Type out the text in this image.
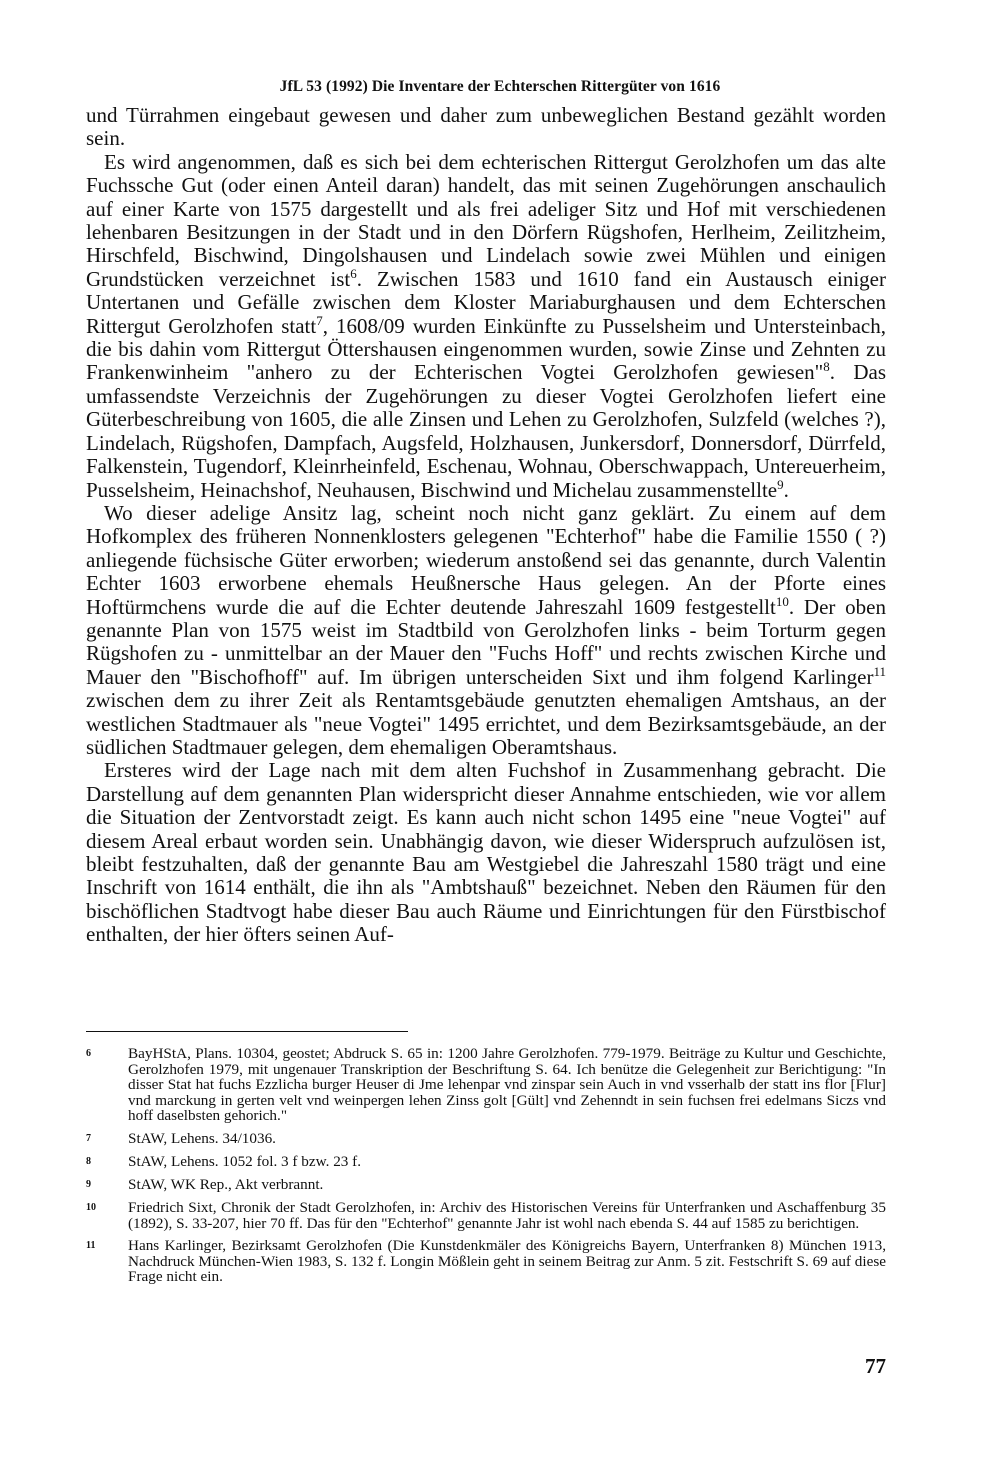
JfL 53 (1992) Die Inventare der Echterschen Rittergüter von 1616

und Türrahmen eingebaut gewesen und daher zum unbeweglichen Bestand gezählt worden sein.

Es wird angenommen, daß es sich bei dem echterischen Rittergut Gerolzhofen um das alte Fuchssche Gut (oder einen Anteil daran) handelt, das mit seinen Zugehörungen anschaulich auf einer Karte von 1575 dargestellt und als frei adeliger Sitz und Hof mit verschiedenen lehenbaren Besitzungen in der Stadt und in den Dörfern Rügshofen, Herlheim, Zeilitzheim, Hirschfeld, Bischwind, Dingolshausen und Lindelach sowie zwei Mühlen und einigen Grundstücken verzeichnet ist$^6$. Zwischen 1583 und 1610 fand ein Austausch einiger Untertanen und Gefälle zwischen dem Kloster Mariaburghausen und dem Echterschen Rittergut Gerolzhofen statt$^7$, 1608/09 wurden Einkünfte zu Pusselsheim und Untersteinbach, die bis dahin vom Rittergut Öttershausen eingenommen wurden, sowie Zinse und Zehnten zu Frankenwinheim "anhero zu der Echterischen Vogtei Gerolzhofen gewiesen"$^8$. Das umfassendste Verzeichnis der Zugehörungen zu dieser Vogtei Gerolzhofen liefert eine Güterbeschreibung von 1605, die alle Zinsen und Lehen zu Gerolzhofen, Sulzfeld (welches ?), Lindelach, Rügshofen, Dampfach, Augsfeld, Holzhausen, Junkersdorf, Donnersdorf, Dürrfeld, Falkenstein, Tugendorf, Kleinrheinfeld, Eschenau, Wohnau, Oberschwappach, Untereuerheim, Pusselsheim, Heinachshof, Neuhausen, Bischwind und Michelau zusammenstellte$^9$.

Wo dieser adelige Ansitz lag, scheint noch nicht ganz geklärt. Zu einem auf dem Hofkomplex des früheren Nonnenklosters gelegenen "Echterhof" habe die Familie 1550 ( ?) anliegende füchsische Güter erworben; wiederum anstoßend sei das genannte, durch Valentin Echter 1603 erworbene ehemals Heußnersche Haus gelegen. An der Pforte eines Hoftürmchens wurde die auf die Echter deutende Jahreszahl 1609 festgestellt$^{10}$. Der oben genannte Plan von 1575 weist im Stadtbild von Gerolzhofen links - beim Torturm gegen Rügshofen zu - unmittelbar an der Mauer den "Fuchs Hoff" und rechts zwischen Kirche und Mauer den "Bischofhoff" auf. Im übrigen unterscheiden Sixt und ihm folgend Karlinger$^{11}$ zwischen dem zu ihrer Zeit als Rentamtsgebäude genutzten ehemaligen Amtshaus, an der westlichen Stadtmauer als "neue Vogtei" 1495 errichtet, und dem Bezirksamtsgebäude, an der südlichen Stadtmauer gelegen, dem ehemaligen Oberamtshaus.

Ersteres wird der Lage nach mit dem alten Fuchshof in Zusammenhang gebracht. Die Darstellung auf dem genannten Plan widerspricht dieser Annahme entschieden, wie vor allem die Situation der Zentvorstadt zeigt. Es kann auch nicht schon 1495 eine "neue Vogtei" auf diesem Areal erbaut worden sein. Unabhängig davon, wie dieser Widerspruch aufzulösen ist, bleibt festzuhalten, daß der genannte Bau am Westgiebel die Jahreszahl 1580 trägt und eine Inschrift von 1614 enthält, die ihn als "Ambtshauß" bezeichnet. Neben den Räumen für den bischöflichen Stadtvogt habe dieser Bau auch Räume und Einrichtungen für den Fürstbischof enthalten, der hier öfters seinen Auf-

6	BayHStA, Plans. 10304, geostet; Abdruck S. 65 in: 1200 Jahre Gerolzhofen. 779-1979. Beiträge zu Kultur und Geschichte, Gerolzhofen 1979, mit ungenauer Transkription der Beschriftung S. 64. Ich benütze die Gelegenheit zur Berichtigung: "In disser Stat hat fuchs Ezzlicha burger Heuser di Jme lehenpar vnd zinspar sein Auch in vnd vsserhalb der statt ins flor [Flur] vnd marckung in gerten velt vnd weinpergen lehen Zinss golt [Gült] vnd Zehenndt in sein fuchsen frei edelmans Siczs vnd hoff daselbsten gehorich."
7	StAW, Lehens. 34/1036.
8	StAW, Lehens. 1052 fol. 3 f bzw. 23 f.
9	StAW, WK Rep., Akt verbrannt.
10	Friedrich Sixt, Chronik der Stadt Gerolzhofen, in: Archiv des Historischen Vereins für Unterfranken und Aschaffenburg 35 (1892), S. 33-207, hier 70 ff. Das für den "Echterhof" genannte Jahr ist wohl nach ebenda S. 44 auf 1585 zu berichtigen.
11	Hans Karlinger, Bezirksamt Gerolzhofen (Die Kunstdenkmäler des Königreichs Bayern, Unterfranken 8) München 1913, Nachdruck München-Wien 1983, S. 132 f. Longin Mößlein geht in seinem Beitrag zur Anm. 5 zit. Festschrift S. 69 auf diese Frage nicht ein.
77
